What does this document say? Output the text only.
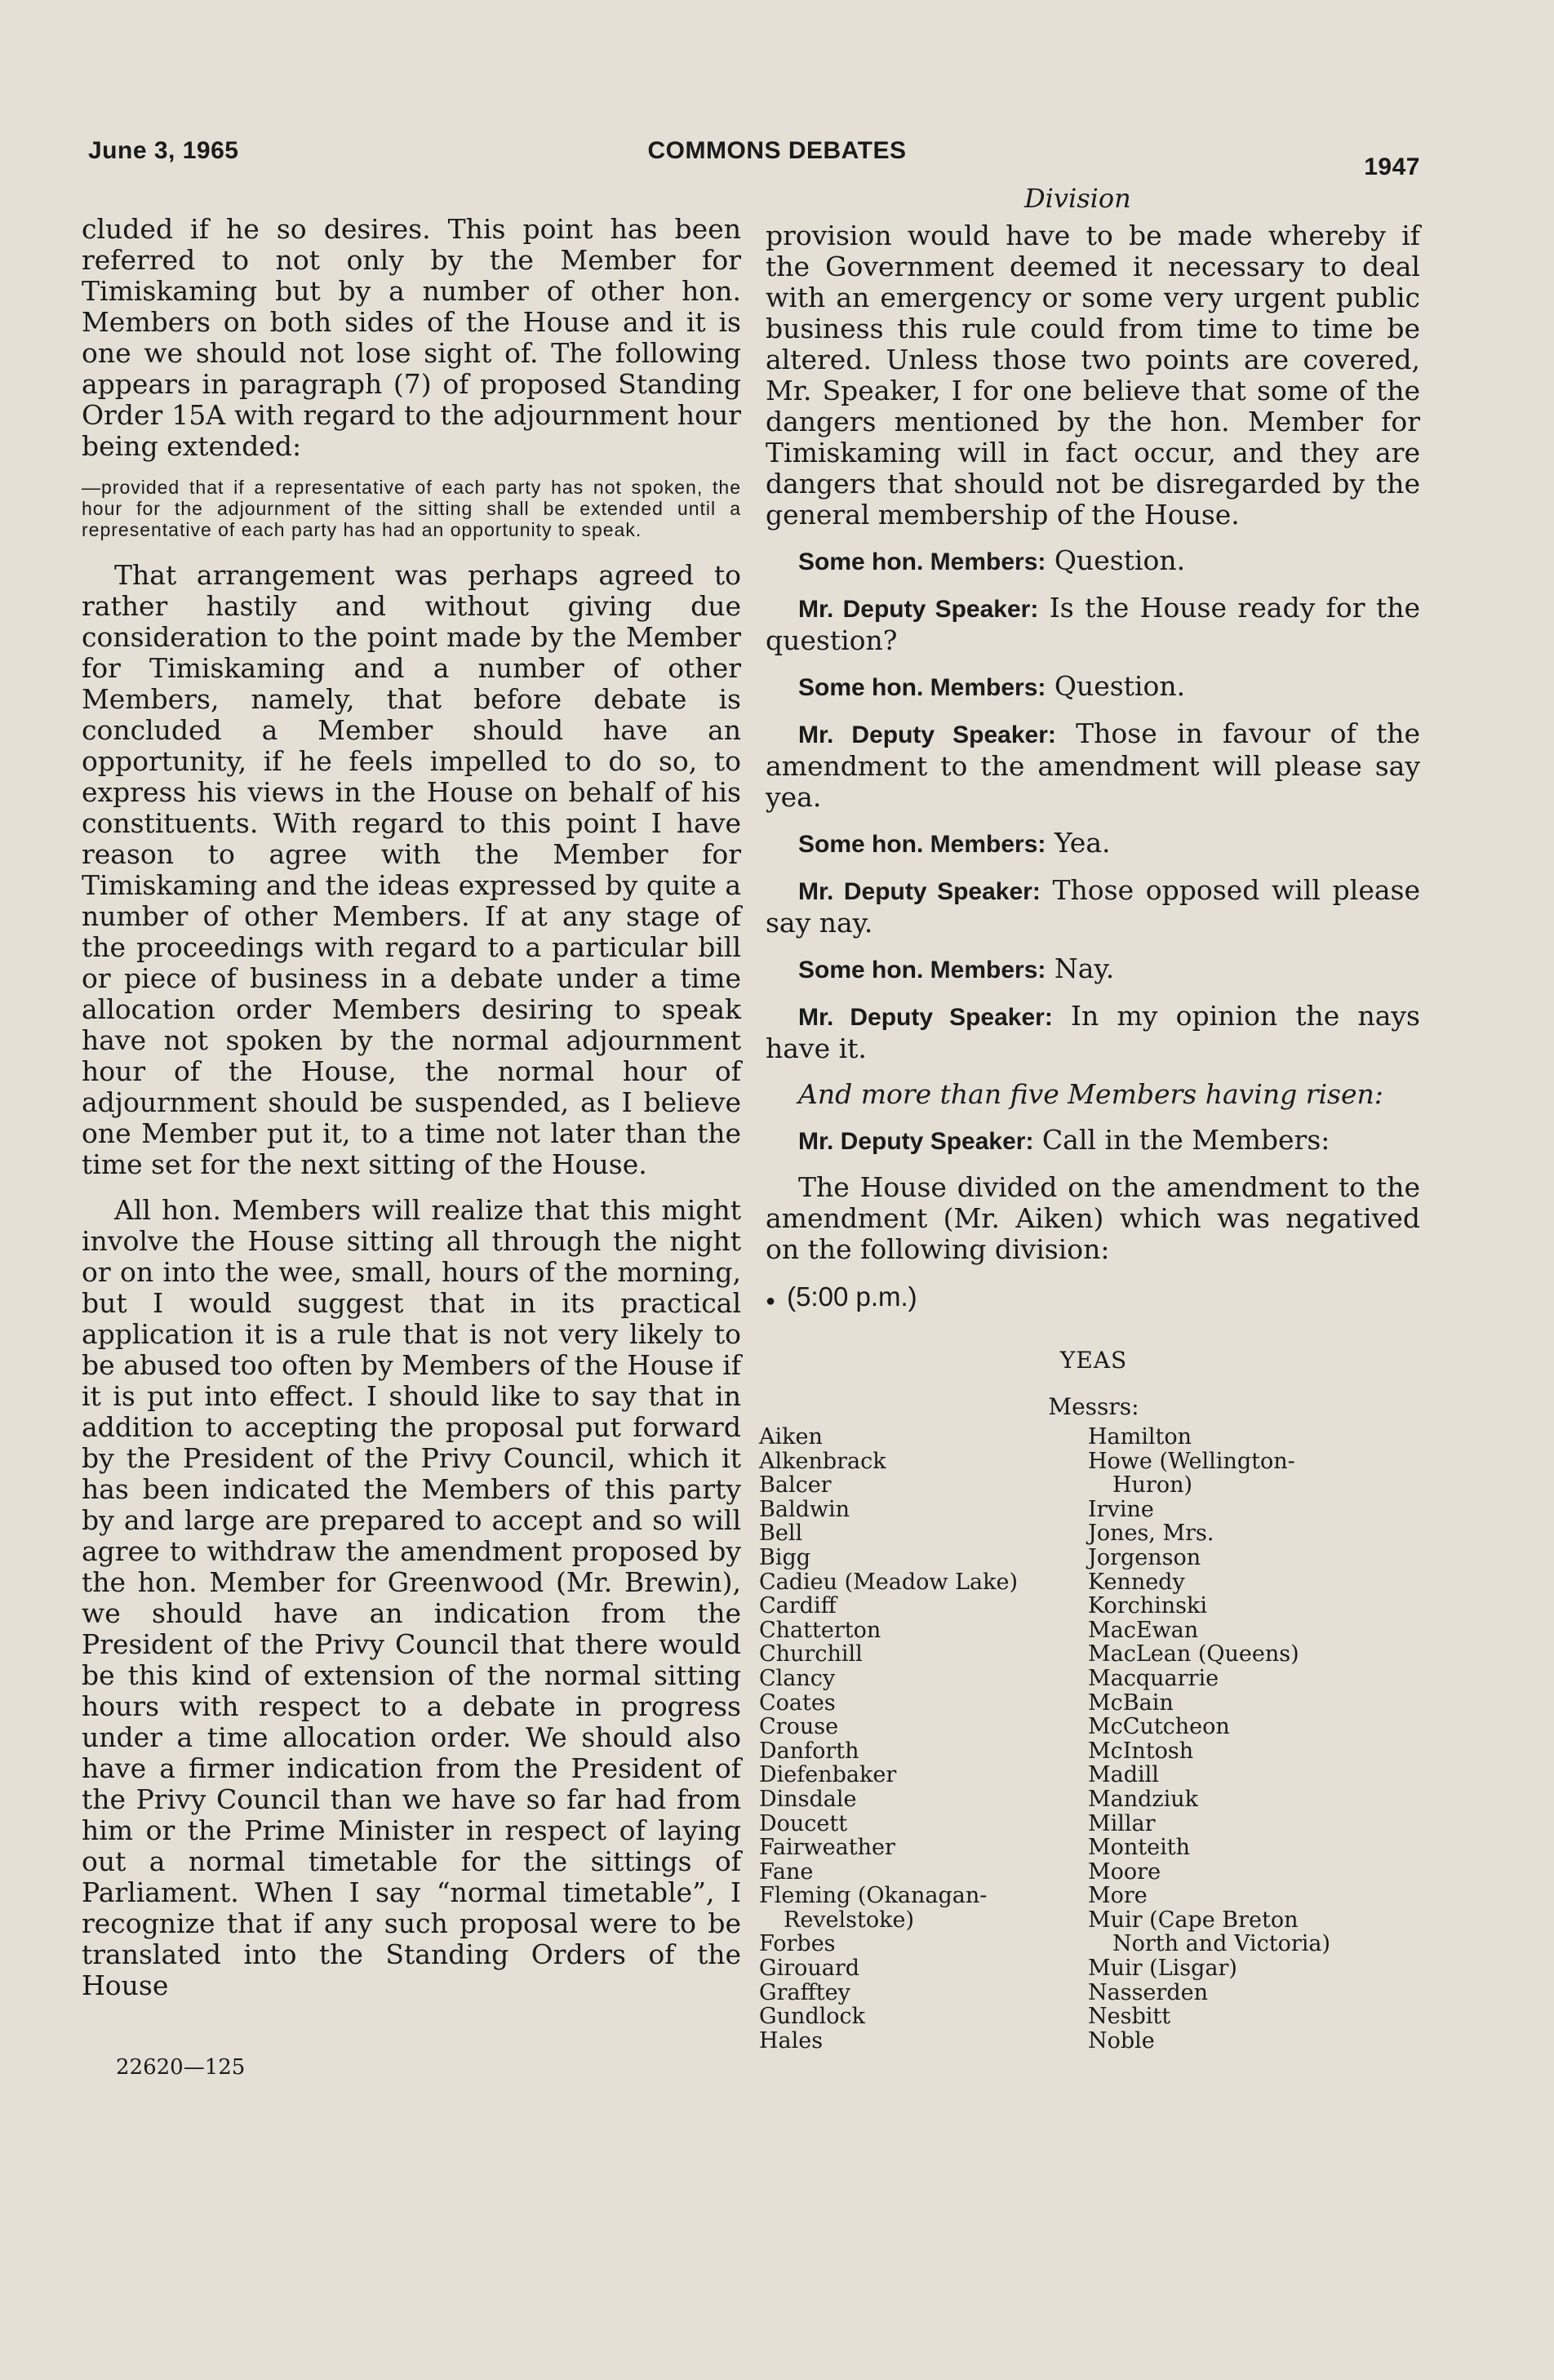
June 3, 1965	COMMONS DEBATES

1947

Division

cluded if he so desires. This point has been referred to not only by the Member for Timiskaming but by a number of other hon. Members on both sides of the House and it is one we should not lose sight of. The following appears in paragraph (7) of proposed Standing Order 15A with regard to the adjournment hour being extended:

—provided that if a representative of each party has not spoken, the hour for the adjournment of the sitting shall be extended until a representative of each party has had an opportunity to speak.

That arrangement was perhaps agreed to rather hastily and without giving due consideration to the point made by the Member for Timiskaming and a number of other Members, namely, that before debate is concluded a Member should have an opportunity, if he feels impelled to do so, to express his views in the House on behalf of his constituents. With regard to this point I have reason to agree with the Member for Timiskaming and the ideas expressed by quite a number of other Members. If at any stage of the proceedings with regard to a particular bill or piece of business in a debate under a time allocation order Members desiring to speak have not spoken by the normal adjournment hour of the House, the normal hour of adjournment should be suspended, as I believe one Member put it, to a time not later than the time set for the next sitting of the House.

All hon. Members will realize that this might involve the House sitting all through the night or on into the wee, small, hours of the morning, but I would suggest that in its practical application it is a rule that is not very likely to be abused too often by Members of the House if it is put into effect. I should like to say that in addition to accepting the proposal put forward by the President of the Privy Council, which it has been indicated the Members of this party by and large are prepared to accept and so will agree to withdraw the amendment proposed by the hon. Member for Greenwood (Mr. Brewin), we should have an indication from the President of the Privy Council that there would be this kind of extension of the normal sitting hours with respect to a debate in progress under a time allocation order. We should also have a firmer indication from the President of the Privy Council than we have so far had from him or the Prime Minister in respect of laying out a normal timetable for the sittings of Parliament. When I say “normal timetable”, I recognize that if any such proposal were to be translated into the Standing Orders of the House

22620—125

provision would have to be made whereby if the Government deemed it necessary to deal with an emergency or some very urgent public business this rule could from time to time be altered. Unless those two points are covered, Mr. Speaker, I for one believe that some of the dangers mentioned by the hon. Member for Timiskaming will in fact occur, and they are dangers that should not be disregarded by the general membership of the House.

Some hon. Members: Question.

Mr. Deputy Speaker: Is the House ready for the question?

Some hon. Members: Question.

Mr. Deputy Speaker: Those in favour of the amendment to the amendment will please say yea.

Some hon. Members: Yea.

Mr. Deputy Speaker: Those opposed will please say nay.

Some hon. Members: Nay.

Mr. Deputy Speaker: In my opinion the nays have it.

And more than five Members having risen:

Mr. Deputy Speaker: Call in the Members:

The House divided on the amendment to the amendment (Mr. Aiken) which was negatived on the following division:

● (5:00 p.m.)

YEAS

Messrs:

Aiken
Alkenbrack
Balcer
Baldwin
Bell
Bigg
Cadieu (Meadow Lake)
Cardiff
Chatterton
Churchill
Clancy
Coates
Crouse
Danforth
Diefenbaker
Dinsdale
Doucett
Fairweather
Fane
Fleming (Okanagan-
Revelstoke)
Forbes
Girouard
Grafftey
Gundlock
Hales
Hamilton
Howe (Wellington-
Huron)
Irvine
Jones, Mrs.
Jorgenson
Kennedy
Korchinski
MacEwan
MacLean (Queens)
Macquarrie
McBain
McCutcheon
McIntosh
Madill
Mandziuk
Millar
Monteith
Moore
More
Muir (Cape Breton
North and Victoria)
Muir (Lisgar)
Nasserden
Nesbitt
Noble
